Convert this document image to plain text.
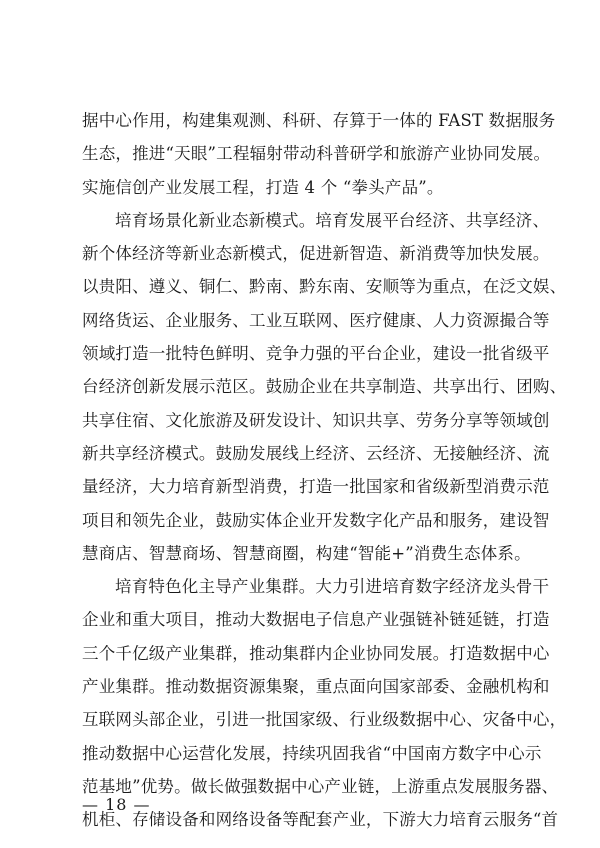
据中心作用，构建集观测、科研、存算于一体的 FAST 数据服务
生态，推进“天眼”工程辐射带动科普研学和旅游产业协同发展。
实施信创产业发展工程，打造 4 个 “拳头产品”。
培育场景化新业态新模式。培育发展平台经济、共享经济、
新个体经济等新业态新模式，促进新智造、新消费等加快发展。
以贵阳、遵义、铜仁、黔南、黔东南、安顺等为重点，在泛文娱、
网络货运、企业服务、工业互联网、医疗健康、人力资源撮合等
领域打造一批特色鲜明、竞争力强的平台企业，建设一批省级平
台经济创新发展示范区。鼓励企业在共享制造、共享出行、团购、
共享住宿、文化旅游及研发设计、知识共享、劳务分享等领域创
新共享经济模式。鼓励发展线上经济、云经济、无接触经济、流
量经济，大力培育新型消费，打造一批国家和省级新型消费示范
项目和领先企业，鼓励实体企业开发数字化产品和服务，建设智
慧商店、智慧商场、智慧商圈，构建“智能+”消费生态体系。
培育特色化主导产业集群。大力引进培育数字经济龙头骨干
企业和重大项目，推动大数据电子信息产业强链补链延链，打造
三个千亿级产业集群，推动集群内企业协同发展。打造数据中心
产业集群。推动数据资源集聚，重点面向国家部委、金融机构和
互联网头部企业，引进一批国家级、行业级数据中心、灾备中心，
推动数据中心运营化发展，持续巩固我省“中国南方数字中心示
范基地”优势。做长做强数据中心产业链，上游重点发展服务器、
机柜、存储设备和网络设备等配套产业，下游大力培育云服务“首
— 18 —
